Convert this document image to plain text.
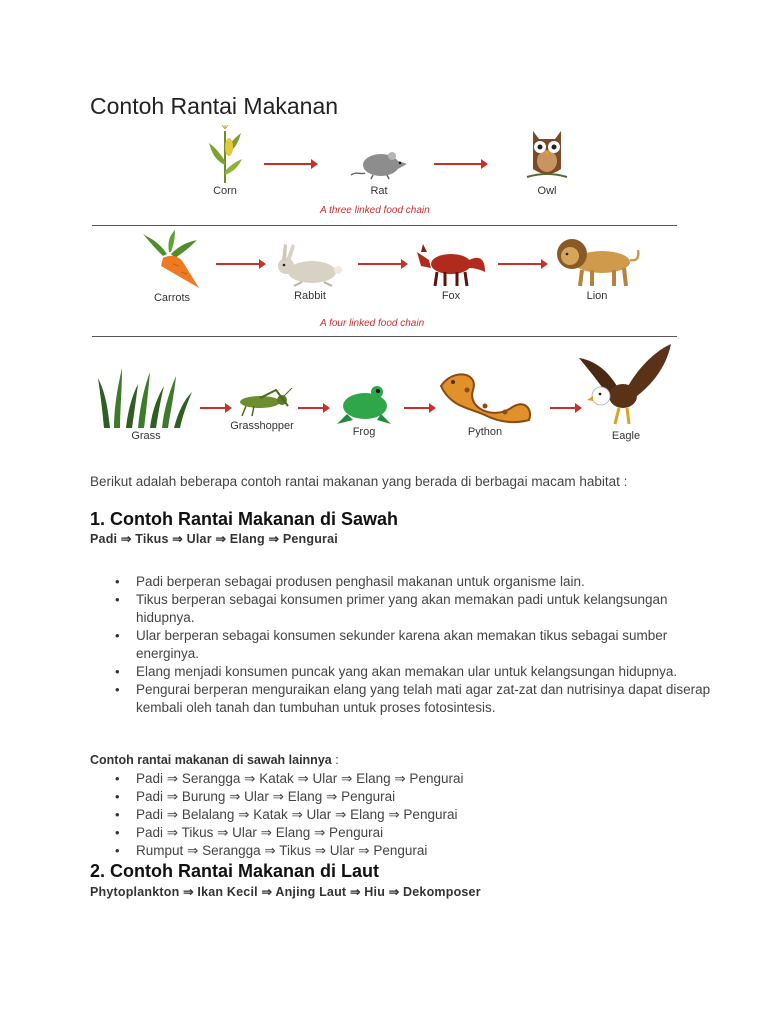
Contoh Rantai Makanan
Corn	Rat	Owl
A three linked food chain
Carrots	Rabbit	Fox	Lion
A four linked food chain
Grass
Grasshopper	Frog	Python	Eagle
Berikut adalah beberapa contoh rantai makanan yang berada di berbagai macam habitat :
1. Contoh Rantai Makanan di Sawah
Padi ⇒ Tikus ⇒ Ular ⇒ Elang ⇒ Pengurai
• Padi berperan sebagai produsen penghasil makanan untuk organisme lain.
• Tikus berperan sebagai konsumen primer yang akan memakan padi untuk kelangsungan hidupnya.
• Ular berperan sebagai konsumen sekunder karena akan memakan tikus sebagai sumber energinya.
• Elang menjadi konsumen puncak yang akan memakan ular untuk kelangsungan hidupnya.
• Pengurai berperan menguraikan elang yang telah mati agar zat-zat dan nutrisinya dapat diserap kembali oleh tanah dan tumbuhan untuk proses fotosintesis.
Contoh rantai makanan di sawah lainnya :
• Padi ⇒ Serangga ⇒ Katak ⇒ Ular ⇒ Elang ⇒ Pengurai
• Padi ⇒ Burung ⇒ Ular ⇒ Elang ⇒ Pengurai
• Padi ⇒ Belalang ⇒ Katak ⇒ Ular ⇒ Elang ⇒ Pengurai
• Padi ⇒ Tikus ⇒ Ular ⇒ Elang ⇒ Pengurai
• Rumput ⇒ Serangga ⇒ Tikus ⇒ Ular ⇒ Pengurai
2. Contoh Rantai Makanan di Laut
Phytoplankton ⇒ Ikan Kecil ⇒ Anjing Laut ⇒ Hiu ⇒ Dekomposer
